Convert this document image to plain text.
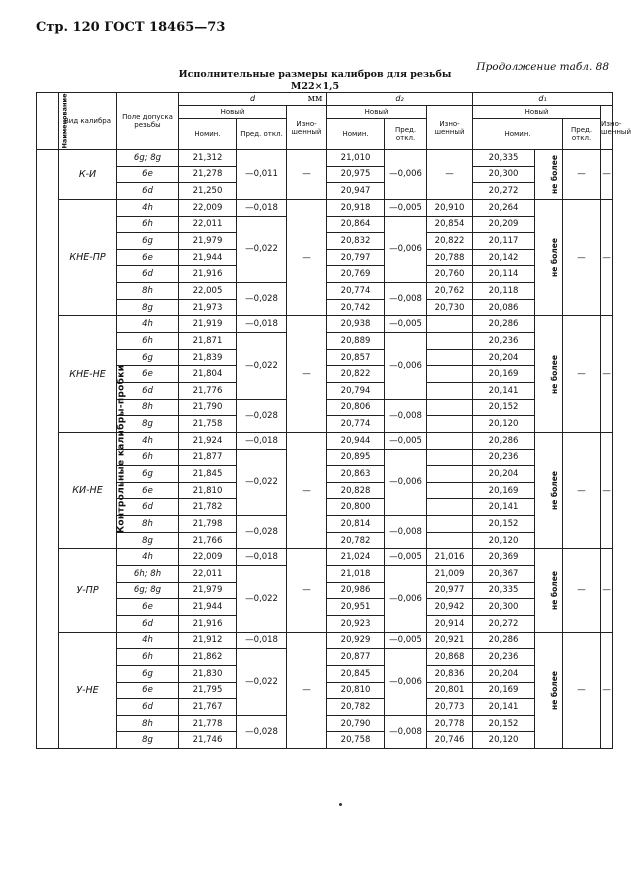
Стр. 120 ГОСТ 18465—73
Продолжение табл. 88
Исполнительные размеры калибров для резьбы М22×1,5
мм
Наименование	Вид калибра	Поле допуска резьбы	d			d₂			d₁			
			Новый		Изно-шенный	Новый		Изно-шенный	Новый			Изно-шенный
			Номин.	Пред. откл.		Номин.	Пред. откл.		Номин.		Пред. откл.	
Контрольные калибры-пробки	К-И	6g; 8g	21,312	—0,011	—	21,010	—0,006	—	20,335	не более	—	—
		6e	21,278			20,975			20,300			
		6d	21,250			20,947			20,272			
	КНЕ-ПР	4h	22,009	—0,018	—	20,918	—0,005	20,910	20,264	не более	—	—
		6h	22,011	—0,022		20,864	—0,006	20,854	20,209			
		6g	21,979			20,832		20,822	20,117			
		6e	21,944			20,797		20,788	20,142			
		6d	21,916			20,769		20,760	20,114			
		8h	22,005	—0,028		20,774	—0,008	20,762	20,118			
		8g	21,973			20,742		20,730	20,086			
	КНЕ-НЕ	4h	21,919	—0,018	—	20,938	—0,005		20,286	не более	—	—
		6h	21,871	—0,022		20,889	—0,006		20,236			
		6g	21,839			20,857			20,204			
		6e	21,804			20,822			20,169			
		6d	21,776			20,794			20,141			
		8h	21,790	—0,028		20,806	—0,008		20,152			
		8g	21,758			20,774			20,120			
	КИ-НЕ	4h	21,924	—0,018	—	20,944	—0,005		20,286	не более	—	—
		6h	21,877	—0,022		20,895	—0,006		20,236			
		6g	21,845			20,863			20,204			
		6e	21,810			20,828			20,169			
		6d	21,782			20,800			20,141			
		8h	21,798	—0,028		20,814	—0,008		20,152			
		8g	21,766			20,782			20,120			
	У-ПР	4h	22,009	—0,018	—	21,024	—0,005	21,016	20,369	не более	—	—
		6h; 8h	22,011	—0,022		21,018	—0,006	21,009	20,367			
		6g; 8g	21,979			20,986		20,977	20,335			
		6e	21,944			20,951		20,942	20,300			
		6d	21,916			20,923		20,914	20,272			
	У-НЕ	4h	21,912	—0,018	—	20,929	—0,005	20,921	20,286	не более	—	—
		6h	21,862	—0,022		20,877	—0,006	20,868	20,236			
		6g	21,830			20,845		20,836	20,204			
		6e	21,795			20,810		20,801	20,169			
		6d	21,767			20,782		20,773	20,141			
		8h	21,778	—0,028		20,790	—0,008	20,778	20,152			
		8g	21,746			20,758		20,746	20,120			
